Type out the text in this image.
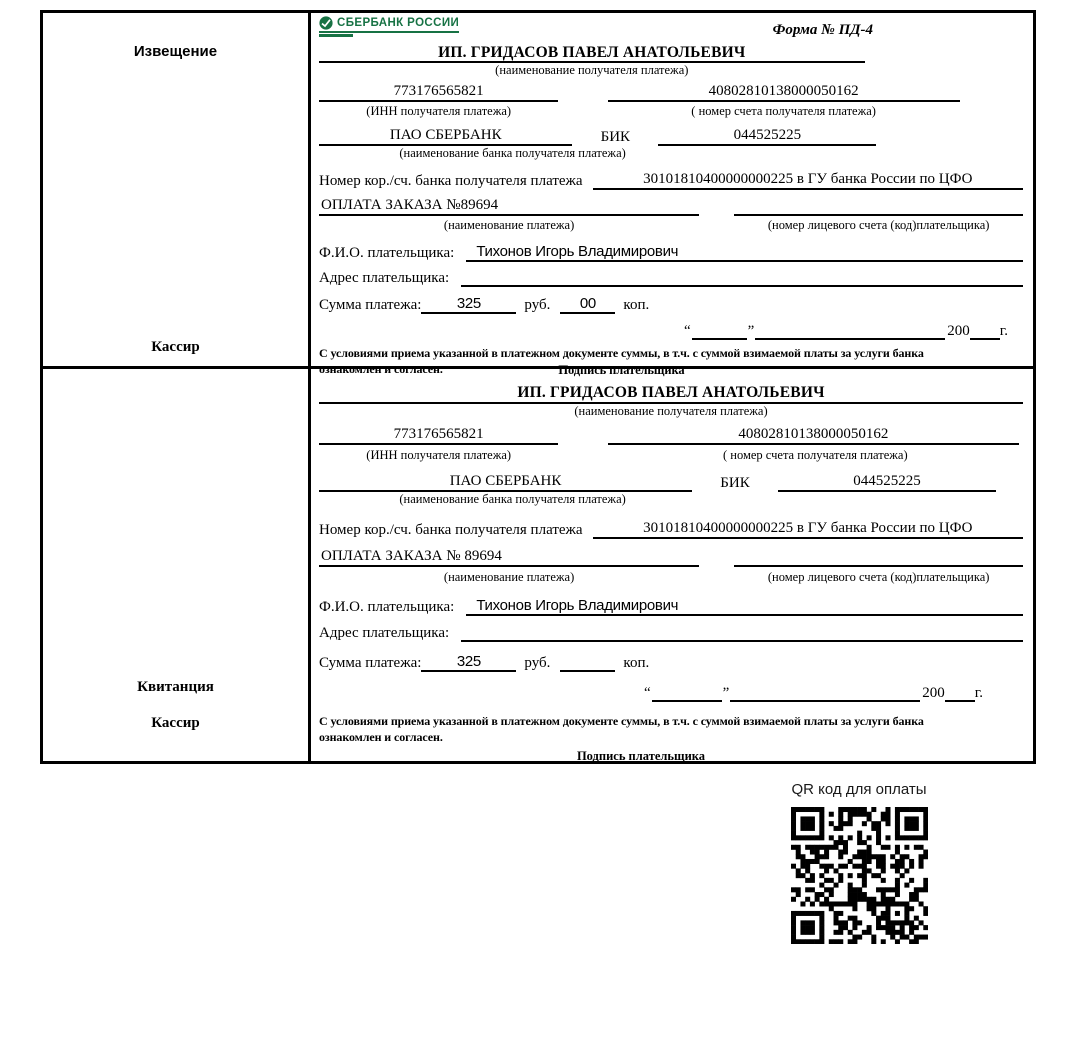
Извещение
Кассир
СБЕРБАНК РОССИИ	Форма № ПД-4
ИП. ГРИДАСОВ ПАВЕЛ АНАТОЛЬЕВИЧ
(наименование получателя платежа)
773176565821	40802810138000050162
(ИНН получателя платежа)	( номер счета получателя платежа)
ПАО СБЕРБАНК	БИК	044525225
(наименование банка получателя платежа)
Номер кор./сч. банка получателя платежа	30101810400000000225 в ГУ банка России по ЦФО
ОПЛАТА ЗАКАЗА №89694
(наименование платежа)	(номер лицевого счета (код)плательщика)
Ф.И.О. плательщика:	Тихонов Игорь Владимирович
Адрес плательщика:
Сумма платежа:	325	руб.	00	коп.
“	”	200 г.
С условиями приема указанной в платежном документе суммы, в т.ч. с суммой взимаемой платы за услуги банка
ознакомлен и согласен.	Подпись плательщика
Квитанция
Кассир
ИП. ГРИДАСОВ ПАВЕЛ АНАТОЛЬЕВИЧ
(наименование получателя платежа)
773176565821	40802810138000050162
(ИНН получателя платежа)	( номер счета получателя платежа)
ПАО СБЕРБАНК	БИК	044525225
(наименование банка получателя платежа)
Номер кор./сч. банка получателя платежа	30101810400000000225 в ГУ банка России по ЦФО
ОПЛАТА ЗАКАЗА № 89694
(наименование платежа)	(номер лицевого счета (код)плательщика)
Ф.И.О. плательщика:	Тихонов Игорь Владимирович
Адрес плательщика:
Сумма платежа:	325	руб.	коп.
“	”	200 г.
С условиями приема указанной в платежном документе суммы, в т.ч. с суммой взимаемой платы за услуги банка
ознакомлен и согласен.
Подпись плательщика
QR код для оплаты
